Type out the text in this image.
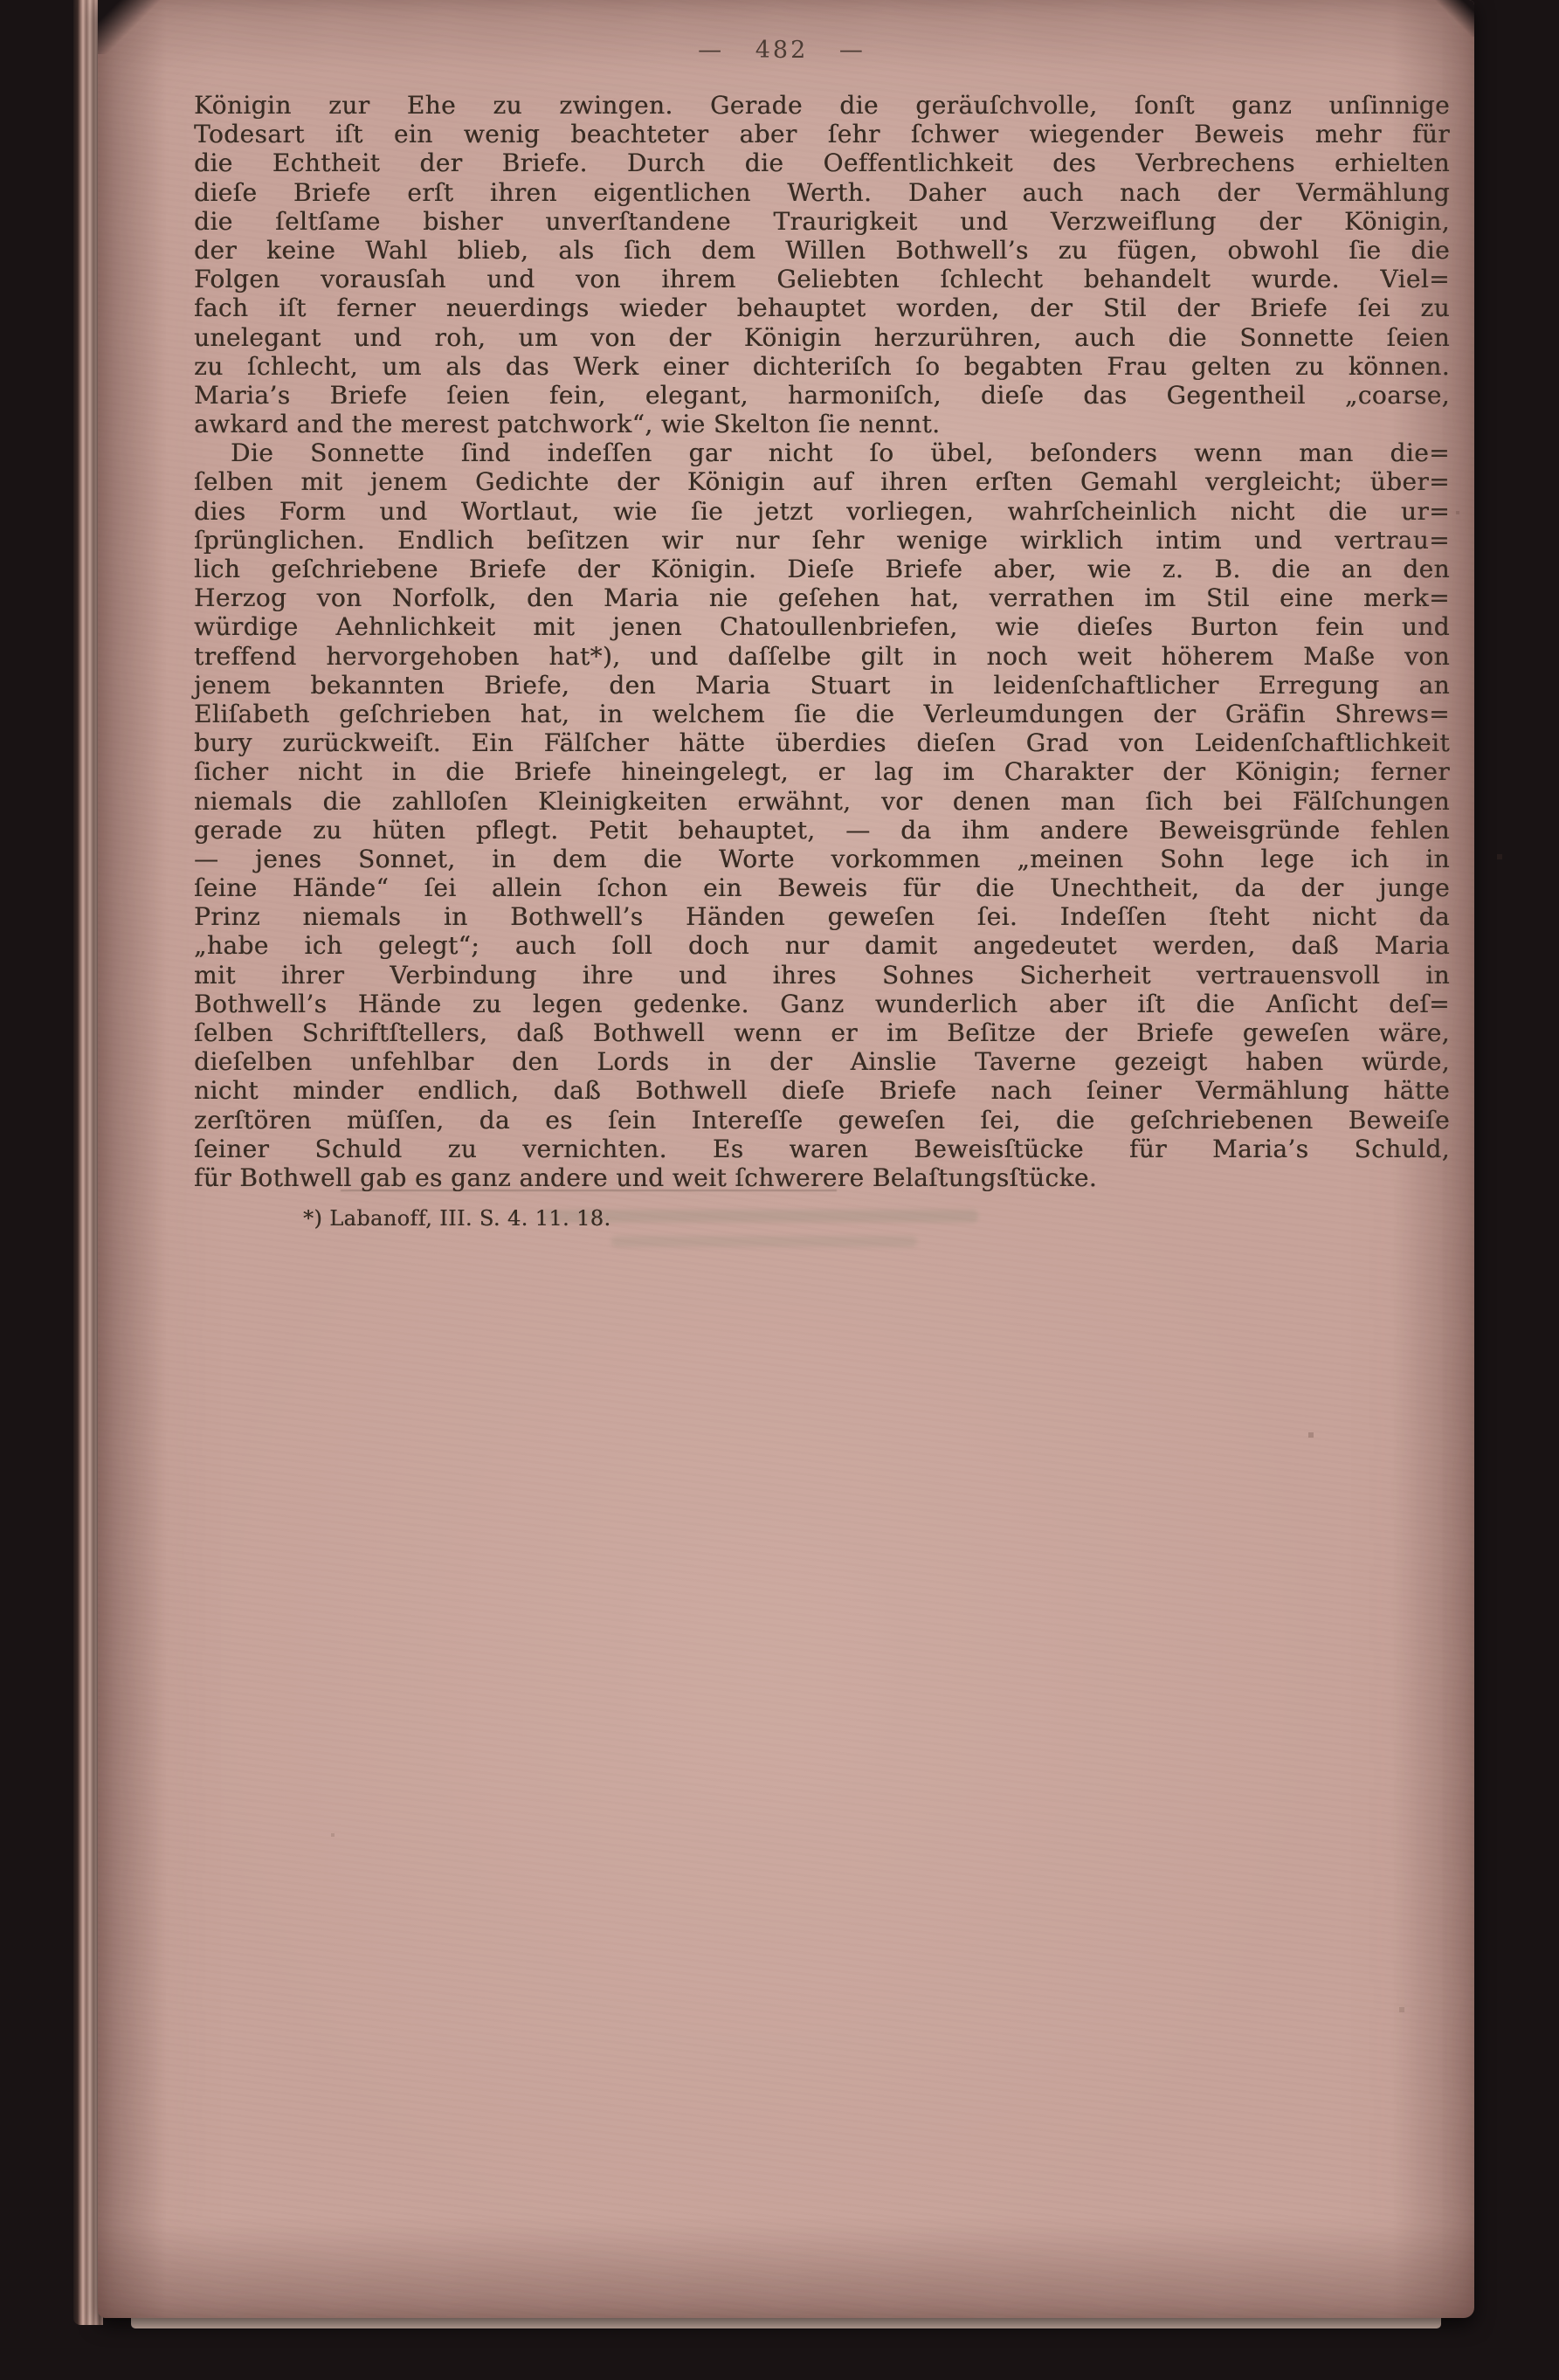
— 482 —
Königin zur Ehe zu zwingen. Gerade die geräuſchvolle, ſonſt ganz unſinnige
Todesart iſt ein wenig beachteter aber ſehr ſchwer wiegender Beweis mehr für
die Echtheit der Briefe. Durch die Oeffentlichkeit des Verbrechens erhielten
dieſe Briefe erſt ihren eigentlichen Werth. Daher auch nach der Vermählung
die ſeltſame bisher unverſtandene Traurigkeit und Verzweiflung der Königin,
der keine Wahl blieb, als ſich dem Willen Bothwell’s zu fügen, obwohl ſie die
Folgen vorausſah und von ihrem Geliebten ſchlecht behandelt wurde. Viel=
fach iſt ferner neuerdings wieder behauptet worden, der Stil der Briefe ſei zu
unelegant und roh, um von der Königin herzurühren, auch die Sonnette ſeien
zu ſchlecht, um als das Werk einer dichteriſch ſo begabten Frau gelten zu können.
Maria’s Briefe ſeien fein, elegant, harmoniſch, dieſe das Gegentheil „coarse,
awkard and the merest patchwork“, wie Skelton ſie nennt.
Die Sonnette ſind indeſſen gar nicht ſo übel, beſonders wenn man die=
ſelben mit jenem Gedichte der Königin auf ihren erſten Gemahl vergleicht; über=
dies Form und Wortlaut, wie ſie jetzt vorliegen, wahrſcheinlich nicht die ur=
ſprünglichen. Endlich beſitzen wir nur ſehr wenige wirklich intim und vertrau=
lich geſchriebene Briefe der Königin. Dieſe Briefe aber, wie z. B. die an den
Herzog von Norfolk, den Maria nie geſehen hat, verrathen im Stil eine merk=
würdige Aehnlichkeit mit jenen Chatoullenbriefen, wie dieſes Burton fein und
treffend hervorgehoben hat*), und daſſelbe gilt in noch weit höherem Maße von
jenem bekannten Briefe, den Maria Stuart in leidenſchaftlicher Erregung an
Eliſabeth geſchrieben hat, in welchem ſie die Verleumdungen der Gräfin Shrews=
bury zurückweiſt. Ein Fälſcher hätte überdies dieſen Grad von Leidenſchaftlichkeit
ſicher nicht in die Briefe hineingelegt, er lag im Charakter der Königin; ferner
niemals die zahlloſen Kleinigkeiten erwähnt, vor denen man ſich bei Fälſchungen
gerade zu hüten pflegt. Petit behauptet, — da ihm andere Beweisgründe fehlen
— jenes Sonnet, in dem die Worte vorkommen „meinen Sohn lege ich in
ſeine Hände“ ſei allein ſchon ein Beweis für die Unechtheit, da der junge
Prinz niemals in Bothwell’s Händen geweſen ſei. Indeſſen ſteht nicht da
„habe ich gelegt“; auch ſoll doch nur damit angedeutet werden, daß Maria
mit ihrer Verbindung ihre und ihres Sohnes Sicherheit vertrauensvoll in
Bothwell’s Hände zu legen gedenke. Ganz wunderlich aber iſt die Anſicht deſ=
ſelben Schriftſtellers, daß Bothwell wenn er im Beſitze der Briefe geweſen wäre,
dieſelben unfehlbar den Lords in der Ainslie Taverne gezeigt haben würde,
nicht minder endlich, daß Bothwell dieſe Briefe nach ſeiner Vermählung hätte
zerſtören müſſen, da es ſein Intereſſe geweſen ſei, die geſchriebenen Beweiſe
ſeiner Schuld zu vernichten. Es waren Beweisſtücke für Maria’s Schuld,
für Bothwell gab es ganz andere und weit ſchwerere Belaſtungsſtücke.
*) Labanoff, III. S. 4. 11. 18.
